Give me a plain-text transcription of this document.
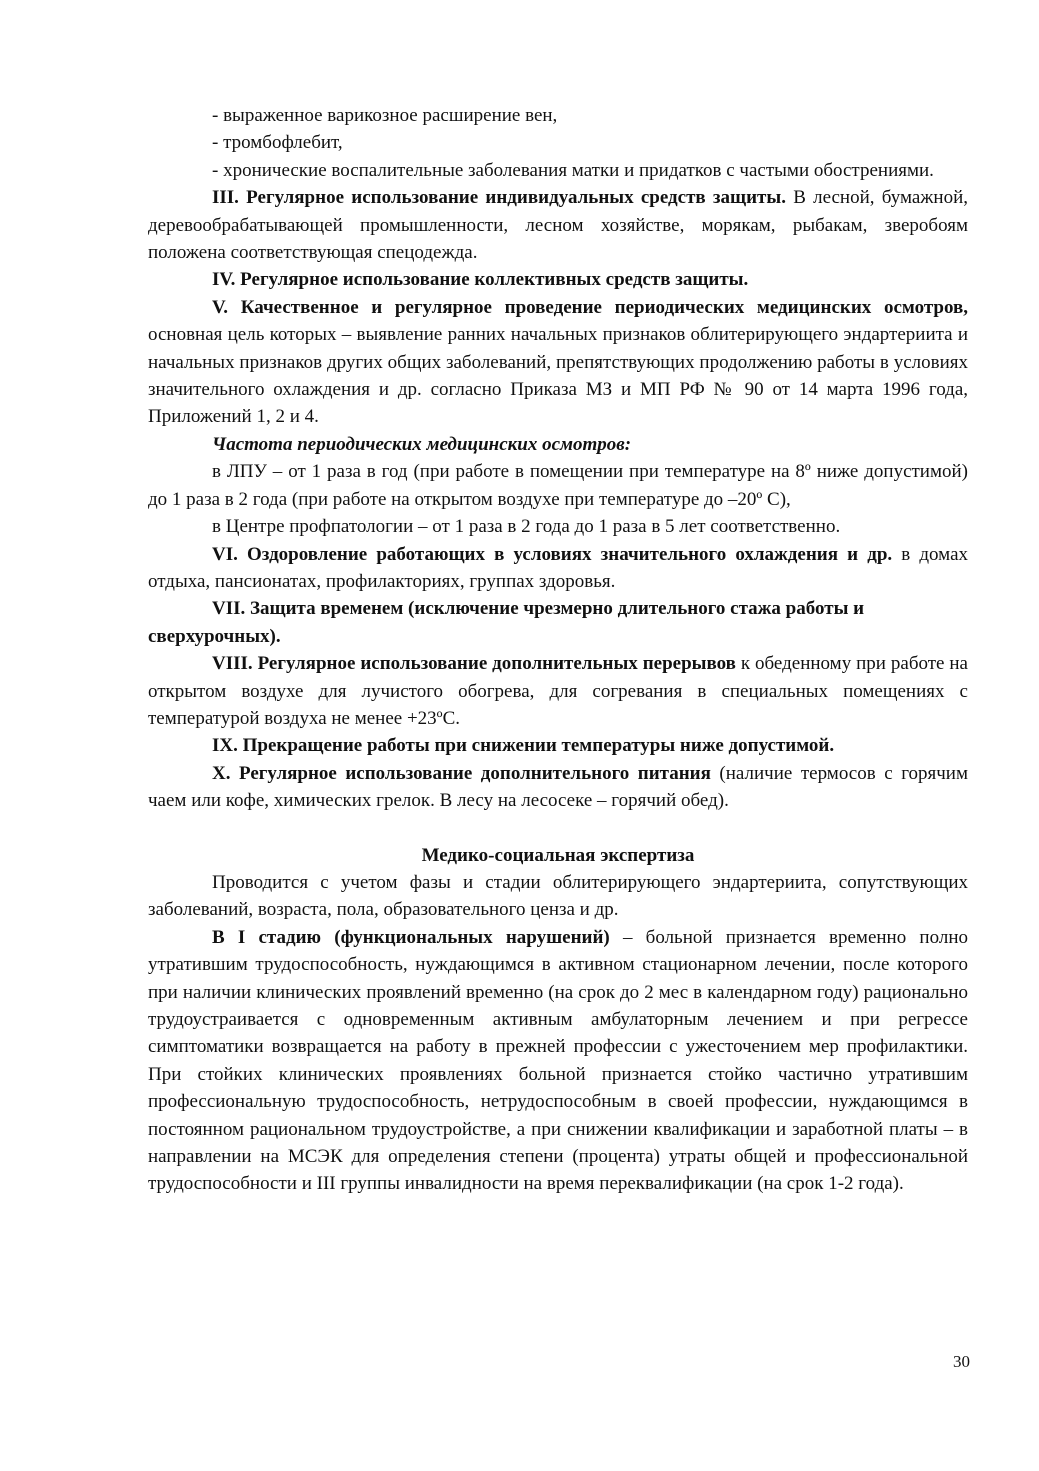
- выраженное варикозное расширение вен,

- тромбофлебит,

- хронические воспалительные заболевания матки и придатков с частыми обострениями.

III. Регулярное использование индивидуальных средств защиты. В лесной, бумажной, деревообрабатывающей промышленности, лесном хозяйстве, морякам, рыбакам, зверобоям положена соответствующая спецодежда.

IV. Регулярное использование коллективных средств защиты.

V. Качественное и регулярное проведение периодических медицинских осмотров, основная цель которых – выявление ранних начальных признаков облитерирующего эндартериита и начальных признаков других общих заболеваний, препятствующих продолжению работы в условиях значительного охлаждения и др. согласно Приказа МЗ и МП РФ № 90 от 14 марта 1996 года, Приложений 1, 2 и 4.

Частота периодических медицинских осмотров:

в ЛПУ – от 1 раза в год (при работе в помещении при температуре на 8º ниже допустимой) до 1 раза в 2 года (при работе на открытом воздухе при температуре до –20º С),

в Центре профпатологии – от 1 раза в 2 года до 1 раза в 5 лет соответственно.

VI. Оздоровление работающих в условиях значительного охлаждения и др. в домах отдыха, пансионатах, профилакториях, группах здоровья.

VII. Защита временем (исключение чрезмерно длительного стажа работы и сверхурочных).

VIII. Регулярное использование дополнительных перерывов к обеденному при работе на открытом воздухе для лучистого обогрева, для согревания в специальных помещениях с температурой воздуха не менее +23ºС.

IX. Прекращение работы при снижении температуры ниже допустимой.

X. Регулярное использование дополнительного питания (наличие термосов с горячим чаем или кофе, химических грелок. В лесу на лесосеке – горячий обед).

Медико-социальная экспертиза

Проводится с учетом фазы и стадии облитерирующего эндартериита, сопутствующих заболеваний, возраста, пола, образовательного ценза и др.

В I стадию (функциональных нарушений) – больной признается временно полно утратившим трудоспособность, нуждающимся в активном стационарном лечении, после которого при наличии клинических проявлений временно (на срок до 2 мес в календарном году) рационально трудоустраивается с одновременным активным амбулаторным лечением и при регрессе симптоматики возвращается на работу в прежней профессии с ужесточением мер профилактики. При стойких клинических проявлениях больной признается стойко частично утратившим профессиональную трудоспособность, нетрудоспособным в своей профессии, нуждающимся в постоянном рациональном трудоустройстве, а при снижении квалификации и заработной платы – в направлении на МСЭК для определения степени (процента) утраты общей и профессиональной трудоспособности и III группы инвалидности на время переквалификации (на срок 1-2 года).

30
